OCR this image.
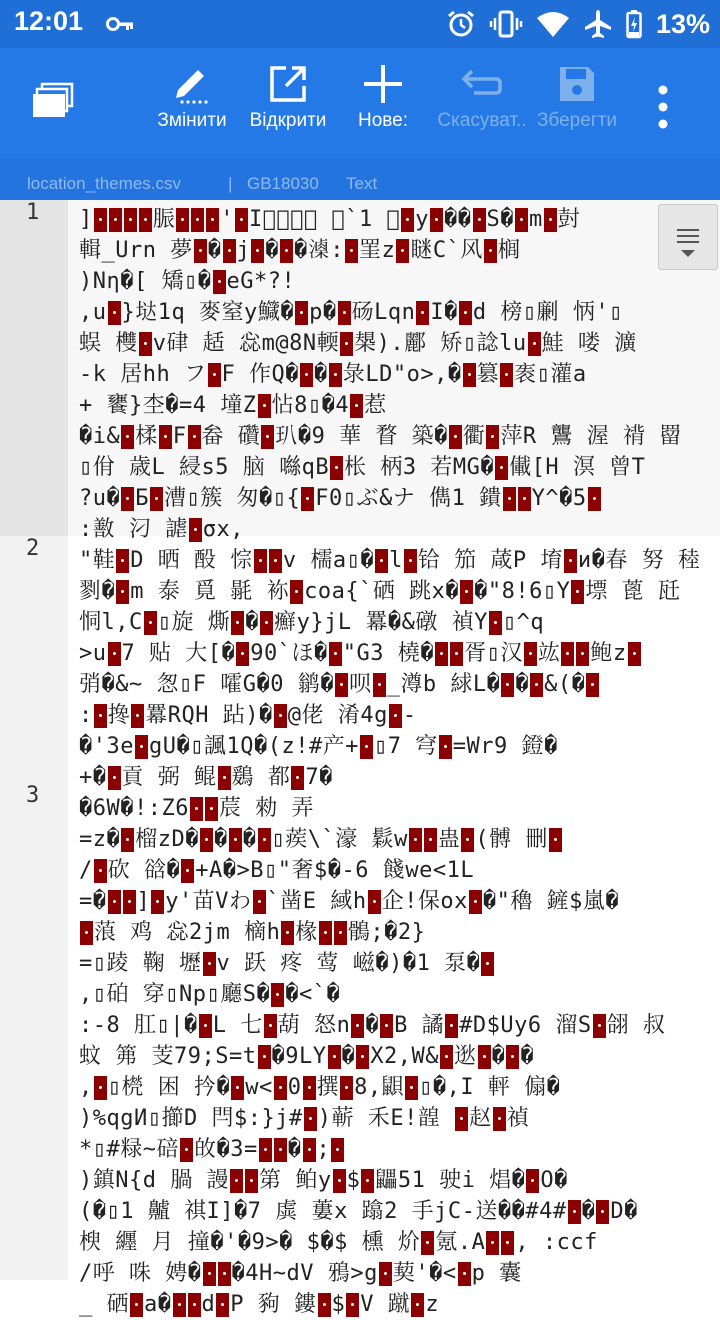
12:01	13%
Змінити	Відкрити	Нове:	Скасуват.. Зберегти
location_themes.csv	| GB18030 Text
1
2
3
]	脤 ' I𪗈碎𧼯廒 鋈`1 嚗 y �� S� m 尌
輯_Urn 夢 � j � �𣿚: 罣z 瞇C`风 榈
)Nη�[ 矯▯� eG*?!
,u }垯1q 麥窒y鱵� p� 砀Lqn I� d 榜▯劆 怲'▯
蜈 欆 v硉 趏 惢m@8N輭 槼).酈 矫▯諗lu 鮭 喽 瀇
-k 居hh フ F 作Q� � 彔LD"o>,� 篡 袠▯灌a
+ 饔}杢�=4 墥Z 怗8▯�4 惹
�i& 楺 F 畚 礸 玐�9 華 瞀 築� 衢 萍R 鸗 渥 禙 罶
▯佾 歳L 綅s5 脑 噝qB 枨 柄3 若MG� 儎[H 溟 曾T
?u� Б 漕▯簇 匆�▯{ F0▯ぶ&ナ 儁1 鐀 Y^�5
:敾 汈 謔 σx,
"鞋 D 晒 酘 悰 v 檽a▯� l 铪 笳 葴P 堉 и�春 努 稑
剹� m 泰 覓 毾 袮 coa{`硒 跳x� �"8!6▯Y 墂 蓖 瓩
恫l,C ▯旋 燍 � 癬y}jL 羃�&礅 禎Y ▯^q
>u 7 贴 大[� 90`ほ� "G3 橈� 胥▯汉 竑 鲍z
弰�&~ 怱▯F 嚯G�0 鹟� 呗 _澊b 絿L� � &(�
: 搀 羃RQH 跕)� @佬 淆4g -
�'3e gU�▯諷1Q�(z!#产+ ▯7 穹 =Wr9 鐙�
+� 貢 弼 鲲 鶢 都 7�
�6W�!:Z6 莀 勑 弄
=z� 榴zD� � � ▯蒺\`濠 鬏w 蛊 (髆 刪
/ 砍 谽� +A�>B▯"奢$�-6 餞we<1L
=� ] y'苗Vわ `凿E 緎h 企!保ox �"穭 鏟$嵐�
蒗 鸡 惢2jm 樀h 椽 鶻;�2}
=▯踜 鞠 壢 v 跃 疼 莺 嵫�)�1 泵�
,▯砶 穿▯Np▯廳S� �<`�
:-8 肛▯|� L 七 葫 怒n � B 譎 #D$Uy6 溜S 翖 叔
蚊 笰 芰79;S=t �9LY � X2,W& 逖 � �
, ▯橩 困 扲� w< 0 撰 8,鼰 ▯�,I 軯 傓�
)%qgИ▯擳D 閂$:}j# )蕲 禾E!韹 赵 禎
*▯#粶~碚 敀�3= � ;
)鎮N{d 腡 謾 第 鲌y $ 鼺51 驶i 焻� O�
(�▯1 齇 祺I]�7 虡 蔞x 蹹2 手jC-送��#4# � D�
楰 纒 月 撞�'�9>� $�$ 櫄 炌 氪.A , :ccf
/呼 咮 娉� �4H~dV 鴉>g 葜'�< p 囊
_ 硒 a� d P 豞 鏤 $ V 蹴 z
